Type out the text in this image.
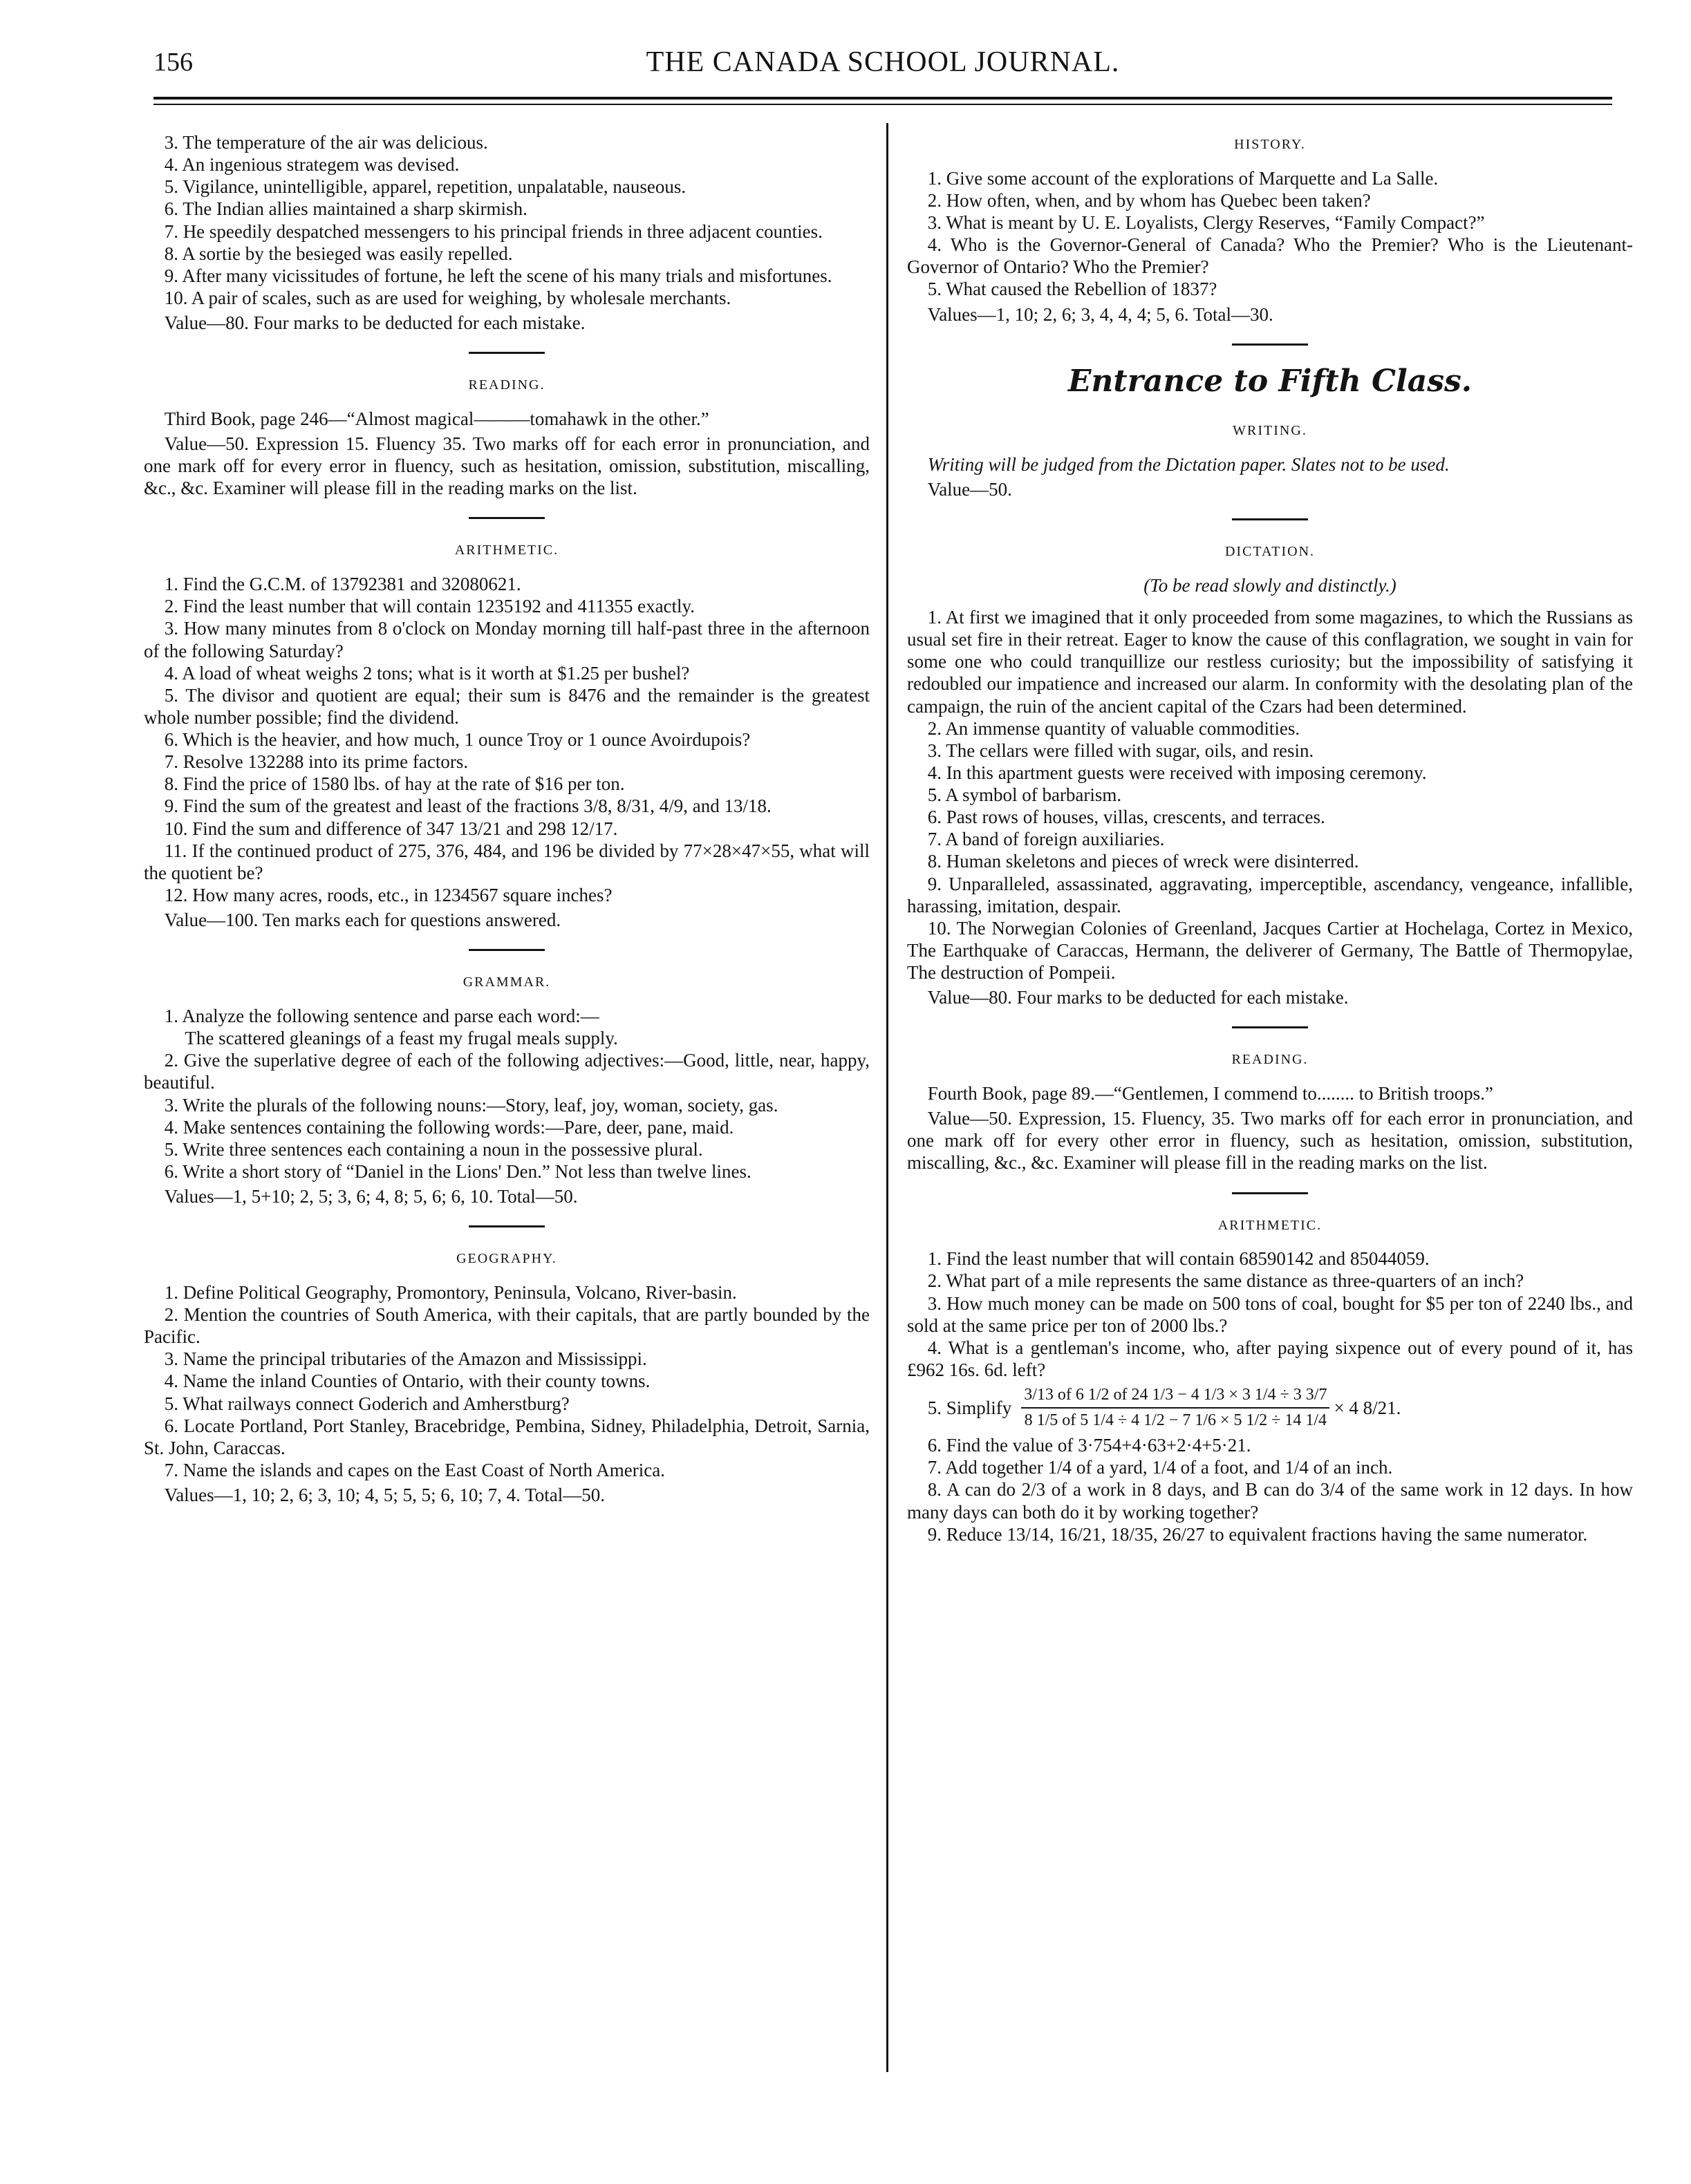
156	THE CANADA SCHOOL JOURNAL.

3. The temperature of the air was delicious.

4. An ingenious strategem was devised.

5. Vigilance, unintelligible, apparel, repetition, unpalatable, nauseous.

6. The Indian allies maintained a sharp skirmish.

7. He speedily despatched messengers to his principal friends in three adjacent counties.

8. A sortie by the besieged was easily repelled.

9. After many vicissitudes of fortune, he left the scene of his many trials and misfortunes.

10. A pair of scales, such as are used for weighing, by wholesale merchants.

Value—80. Four marks to be deducted for each mistake.

READING.

Third Book, page 246—“Almost magical———tomahawk in the other.”

Value—50. Expression 15. Fluency 35. Two marks off for each error in pronunciation, and one mark off for every error in fluency, such as hesitation, omission, substitution, miscalling, &c., &c. Examiner will please fill in the reading marks on the list.

ARITHMETIC.

1. Find the G.C.M. of 13792381 and 32080621.

2. Find the least number that will contain 1235192 and 411355 exactly.

3. How many minutes from 8 o'clock on Monday morning till half-past three in the afternoon of the following Saturday?

4. A load of wheat weighs 2 tons; what is it worth at $1.25 per bushel?

5. The divisor and quotient are equal; their sum is 8476 and the remainder is the greatest whole number possible; find the dividend.

6. Which is the heavier, and how much, 1 ounce Troy or 1 ounce Avoirdupois?

7. Resolve 132288 into its prime factors.

8. Find the price of 1580 lbs. of hay at the rate of $16 per ton.

9. Find the sum of the greatest and least of the fractions 3/8, 8/31, 4/9, and 13/18.

10. Find the sum and difference of 347 13/21 and 298 12/17.

11. If the continued product of 275, 376, 484, and 196 be divided by 77×28×47×55, what will the quotient be?

12. How many acres, roods, etc., in 1234567 square inches?

Value—100. Ten marks each for questions answered.

GRAMMAR.

1. Analyze the following sentence and parse each word:—

The scattered gleanings of a feast my frugal meals supply.

2. Give the superlative degree of each of the following adjectives:—Good, little, near, happy, beautiful.

3. Write the plurals of the following nouns:—Story, leaf, joy, woman, society, gas.

4. Make sentences containing the following words:—Pare, deer, pane, maid.

5. Write three sentences each containing a noun in the possessive plural.

6. Write a short story of “Daniel in the Lions' Den.” Not less than twelve lines.

Values—1, 5+10; 2, 5; 3, 6; 4, 8; 5, 6; 6, 10. Total—50.

GEOGRAPHY.

1. Define Political Geography, Promontory, Peninsula, Volcano, River-basin.

2. Mention the countries of South America, with their capitals, that are partly bounded by the Pacific.

3. Name the principal tributaries of the Amazon and Mississippi.

4. Name the inland Counties of Ontario, with their county towns.

5. What railways connect Goderich and Amherstburg?

6. Locate Portland, Port Stanley, Bracebridge, Pembina, Sidney, Philadelphia, Detroit, Sarnia, St. John, Caraccas.

7. Name the islands and capes on the East Coast of North America.

Values—1, 10; 2, 6; 3, 10; 4, 5; 5, 5; 6, 10; 7, 4. Total—50.

HISTORY.

1. Give some account of the explorations of Marquette and La Salle.

2. How often, when, and by whom has Quebec been taken?

3. What is meant by U. E. Loyalists, Clergy Reserves, “Family Compact?”

4. Who is the Governor-General of Canada? Who the Premier? Who is the Lieutenant-Governor of Ontario? Who the Premier?

5. What caused the Rebellion of 1837?

Values—1, 10; 2, 6; 3, 4, 4, 4; 5, 6. Total—30.

Entrance to Fifth Class.
WRITING.

Writing will be judged from the Dictation paper. Slates not to be used.

Value—50.

DICTATION.

(To be read slowly and distinctly.)

1. At first we imagined that it only proceeded from some magazines, to which the Russians as usual set fire in their retreat. Eager to know the cause of this conflagration, we sought in vain for some one who could tranquillize our restless curiosity; but the impossibility of satisfying it redoubled our impatience and increased our alarm. In conformity with the desolating plan of the campaign, the ruin of the ancient capital of the Czars had been determined.

2. An immense quantity of valuable commodities.

3. The cellars were filled with sugar, oils, and resin.

4. In this apartment guests were received with imposing ceremony.

5. A symbol of barbarism.

6. Past rows of houses, villas, crescents, and terraces.

7. A band of foreign auxiliaries.

8. Human skeletons and pieces of wreck were disinterred.

9. Unparalleled, assassinated, aggravating, imperceptible, ascendancy, vengeance, infallible, harassing, imitation, despair.

10. The Norwegian Colonies of Greenland, Jacques Cartier at Hochelaga, Cortez in Mexico, The Earthquake of Caraccas, Hermann, the deliverer of Germany, The Battle of Thermopylae, The destruction of Pompeii.

Value—80. Four marks to be deducted for each mistake.

READING.

Fourth Book, page 89.—“Gentlemen, I commend to........ to British troops.”

Value—50. Expression, 15. Fluency, 35. Two marks off for each error in pronunciation, and one mark off for every other error in fluency, such as hesitation, omission, substitution, miscalling, &c., &c. Examiner will please fill in the reading marks on the list.

ARITHMETIC.

1. Find the least number that will contain 68590142 and 85044059.

2. What part of a mile represents the same distance as three-quarters of an inch?

3. How much money can be made on 500 tons of coal, bought for $5 per ton of 2240 lbs., and sold at the same price per ton of 2000 lbs.?

4. What is a gentleman's income, who, after paying sixpence out of every pound of it, has £962 16s. 6d. left?

5. Simplify $\frac{3/13 of 6 1/2 of 24 1/3 - 4 1/3 \times 3 1/4 \div 3 3/7}{8 1/5 of 5 1/4 \div 4 1/2 - 7 1/6 \times 5 1/2 \div 14 1/4} \times 4$ 8/21.

6. Find the value of 3·754+4·63+2·4+5·21.

7. Add together 1/4 of a yard, 1/4 of a foot, and 1/4 of an inch.

8. A can do 2/3 of a work in 8 days, and B can do 3/4 of the same work in 12 days. In how many days can both do it by working together?

9. Reduce 13/14, 16/21, 18/35, 26/27 to equivalent fractions having the same numerator.
